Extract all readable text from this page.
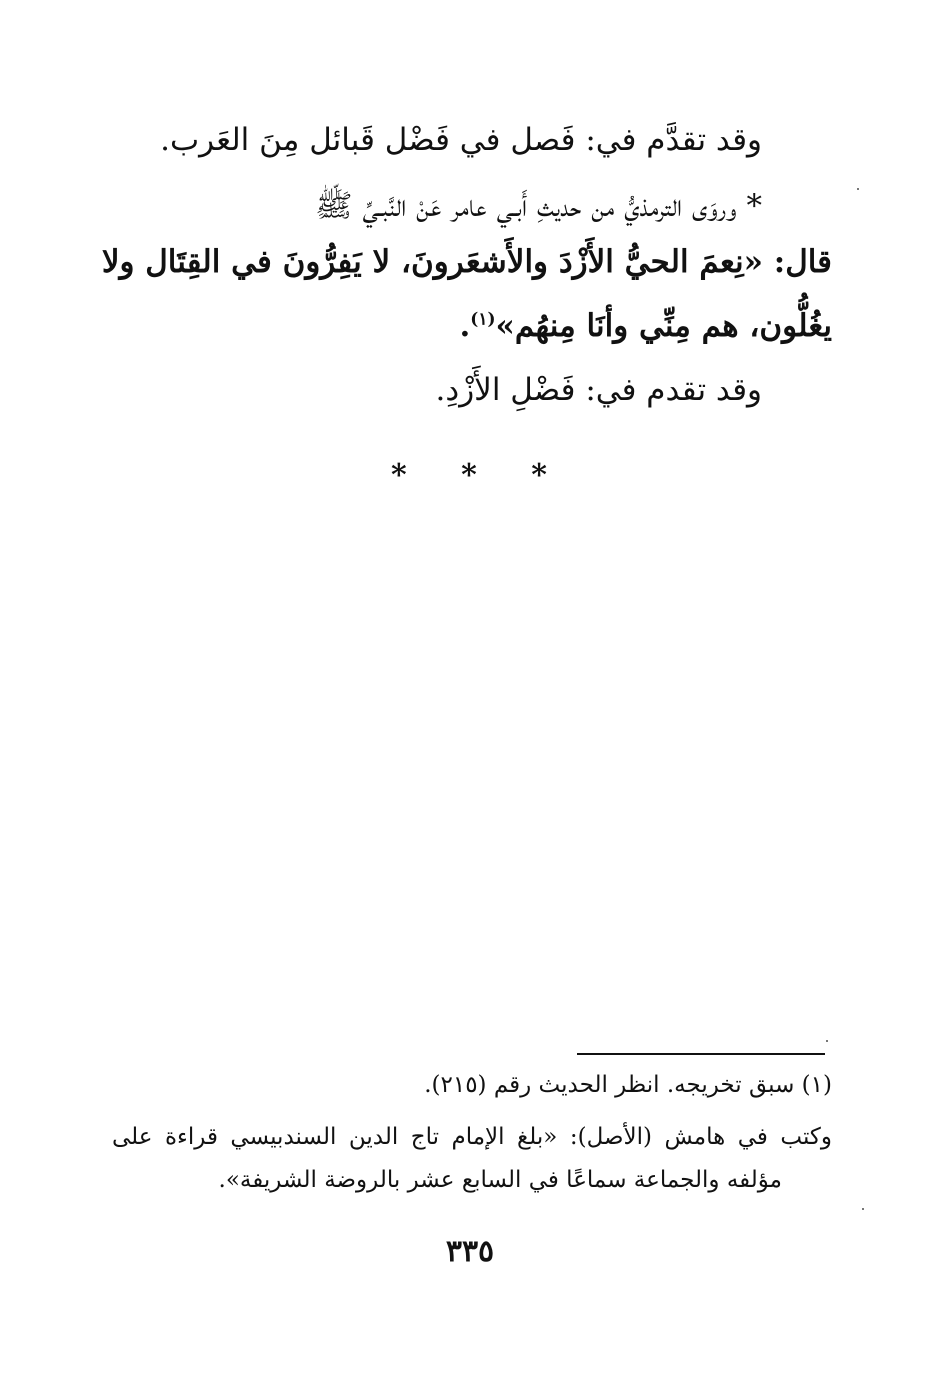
وقد تقدَّم في: فَصل في فَضْل قَبائل مِنَ العَرب.
* وروَى الترمذيُّ من حديثِ أَبـي عامر عَنْ النَّبـيِّ ﷺ
قال: «نِعمَ الحيُّ الأَزْدَ والأَشعَرونَ، لا يَفِرُّونَ في القِتَال ولا
يغُلُّون، هم مِنِّي وأنَا مِنهُم»$^{(١)}$.
وقد تقدم في: فَضْلِ الأَزْدِ.
* * *
(١) سبق تخريجه. انظر الحديث رقم (٢١٥).
وكتب في هامش (الأصل): «بلغ الإمام تاج الدين السندبيسي قراءة على
مؤلفه والجماعة سماعًا في السابع عشر بالروضة الشريفة».
٣٣٥
